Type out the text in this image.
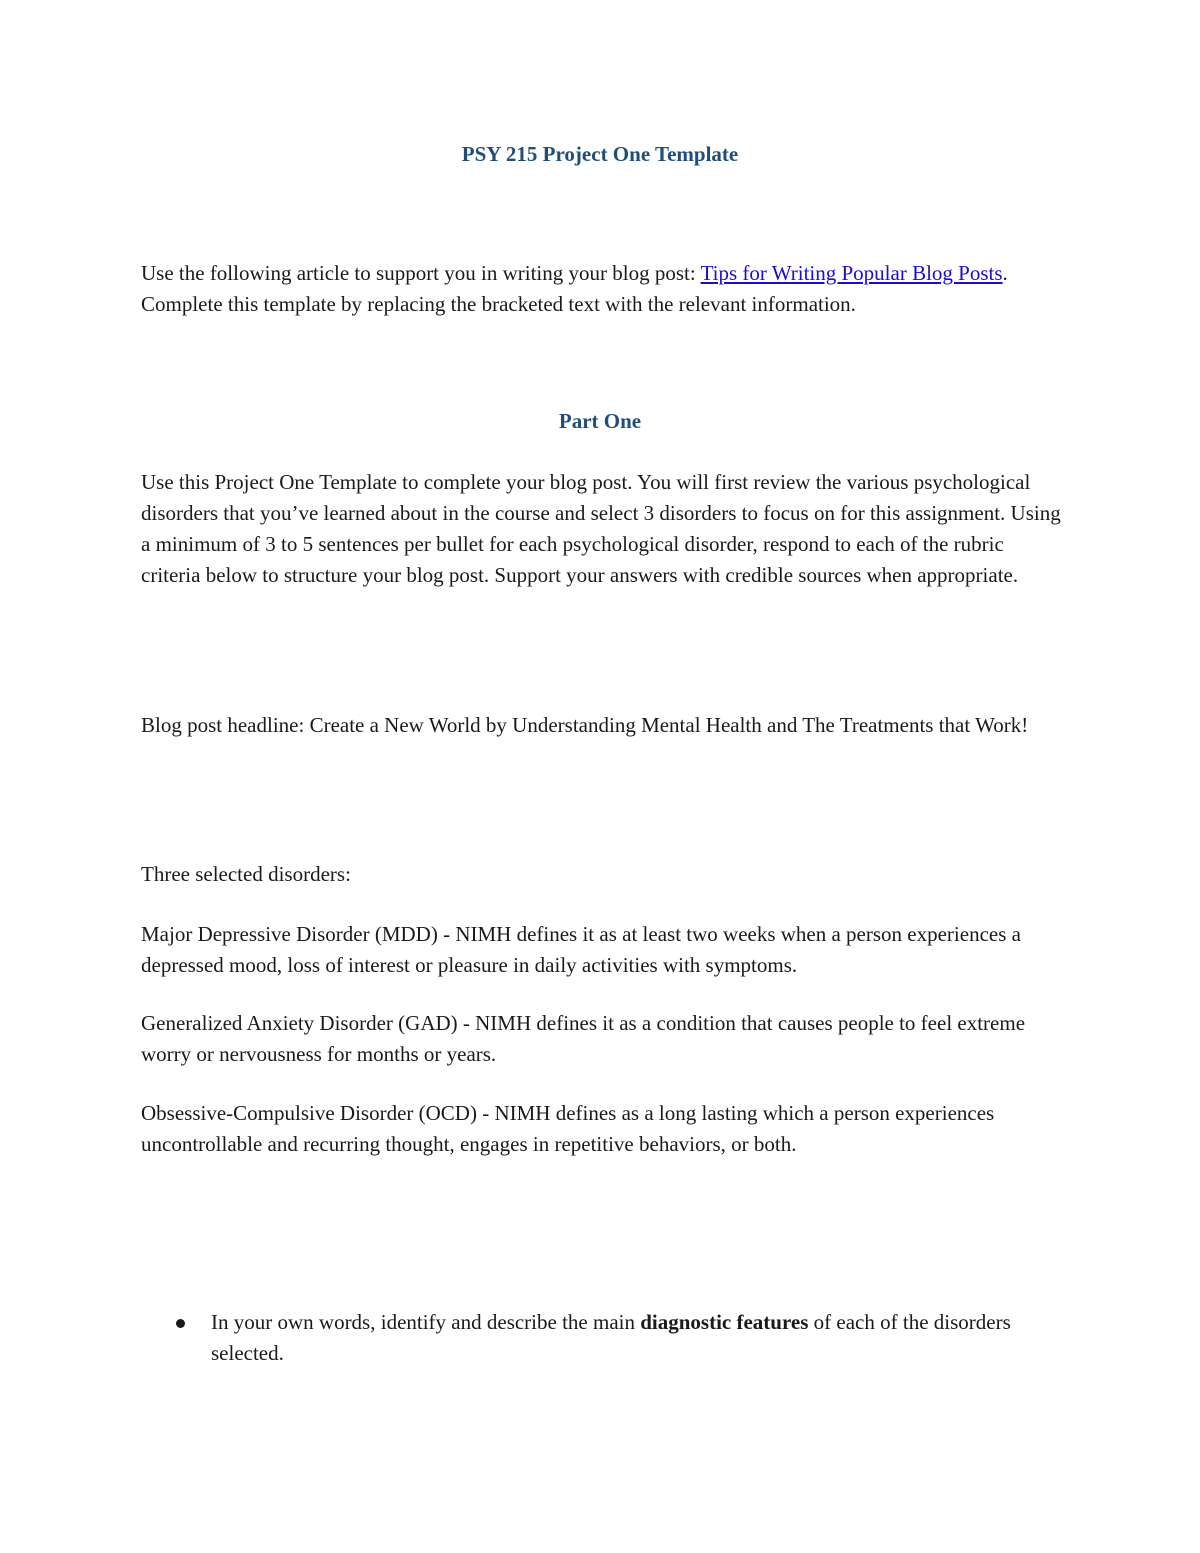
PSY 215 Project One Template

Use the following article to support you in writing your blog post: Tips for Writing Popular Blog Posts. Complete this template by replacing the bracketed text with the relevant information.

Part One

Use this Project One Template to complete your blog post. You will first review the various psychological disorders that you’ve learned about in the course and select 3 disorders to focus on for this assignment. Using a minimum of 3 to 5 sentences per bullet for each psychological disorder, respond to each of the rubric criteria below to structure your blog post. Support your answers with credible sources when appropriate.

Blog post headline: Create a New World by Understanding Mental Health and The Treatments that Work!

Three selected disorders:

Major Depressive Disorder (MDD) - NIMH defines it as at least two weeks when a person experiences a depressed mood, loss of interest or pleasure in daily activities with symptoms.

Generalized Anxiety Disorder (GAD) - NIMH defines it as a condition that causes people to feel extreme worry or nervousness for months or years.

Obsessive-Compulsive Disorder (OCD) - NIMH defines as a long lasting which a person experiences uncontrollable and recurring thought, engages in repetitive behaviors, or both.

In your own words, identify and describe the main diagnostic features of each of the disorders selected.
